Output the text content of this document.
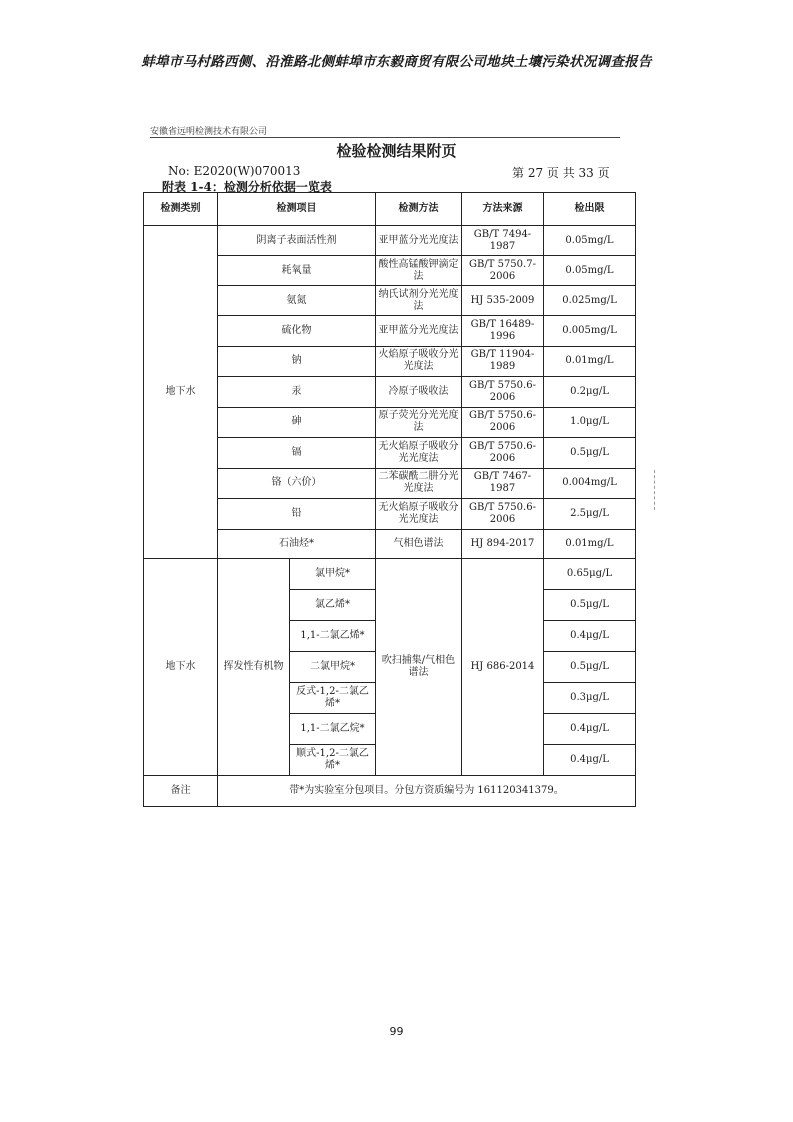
蚌埠市马村路西侧、沿淮路北侧蚌埠市东毅商贸有限公司地块土壤污染状况调查报告
安徽省远明检测技术有限公司
检验检测结果附页
No: E2020(W)070013	第 27 页 共 33 页
附表 1-4：检测分析依据一览表
检测类别	检测项目		检测方法	方法来源	检出限
地下水	阴离子表面活性剂		亚甲蓝分光光度法	GB/T 7494-1987	0.05mg/L
	耗氧量		酸性高锰酸钾滴定法	GB/T 5750.7-2006	0.05mg/L
	氨氮		纳氏试剂分光光度法	HJ 535-2009	0.025mg/L
	硫化物		亚甲蓝分光光度法	GB/T 16489-1996	0.005mg/L
	钠		火焰原子吸收分光光度法	GB/T 11904-1989	0.01mg/L
	汞		冷原子吸收法	GB/T 5750.6-2006	0.2μg/L
	砷		原子荧光分光光度法	GB/T 5750.6-2006	1.0μg/L
	镉		无火焰原子吸收分光光度法	GB/T 5750.6-2006	0.5μg/L
	铬（六价）		二苯碳酰二肼分光光度法	GB/T 7467-1987	0.004mg/L
	铅		无火焰原子吸收分光光度法	GB/T 5750.6-2006	2.5μg/L
	石油烃*		气相色谱法	HJ 894-2017	0.01mg/L
地下水	挥发性有机物	氯甲烷*	吹扫捕集/气相色谱法	HJ 686-2014	0.65μg/L
		氯乙烯*			0.5μg/L
		1,1-二氯乙烯*			0.4μg/L
		二氯甲烷*			0.5μg/L
		反式-1,2-二氯乙烯*			0.3μg/L
		1,1-二氯乙烷*			0.4μg/L
		顺式-1,2-二氯乙烯*			0.4μg/L
备注	带*为实验室分包项目。分包方资质编号为 161120341379。				
99
